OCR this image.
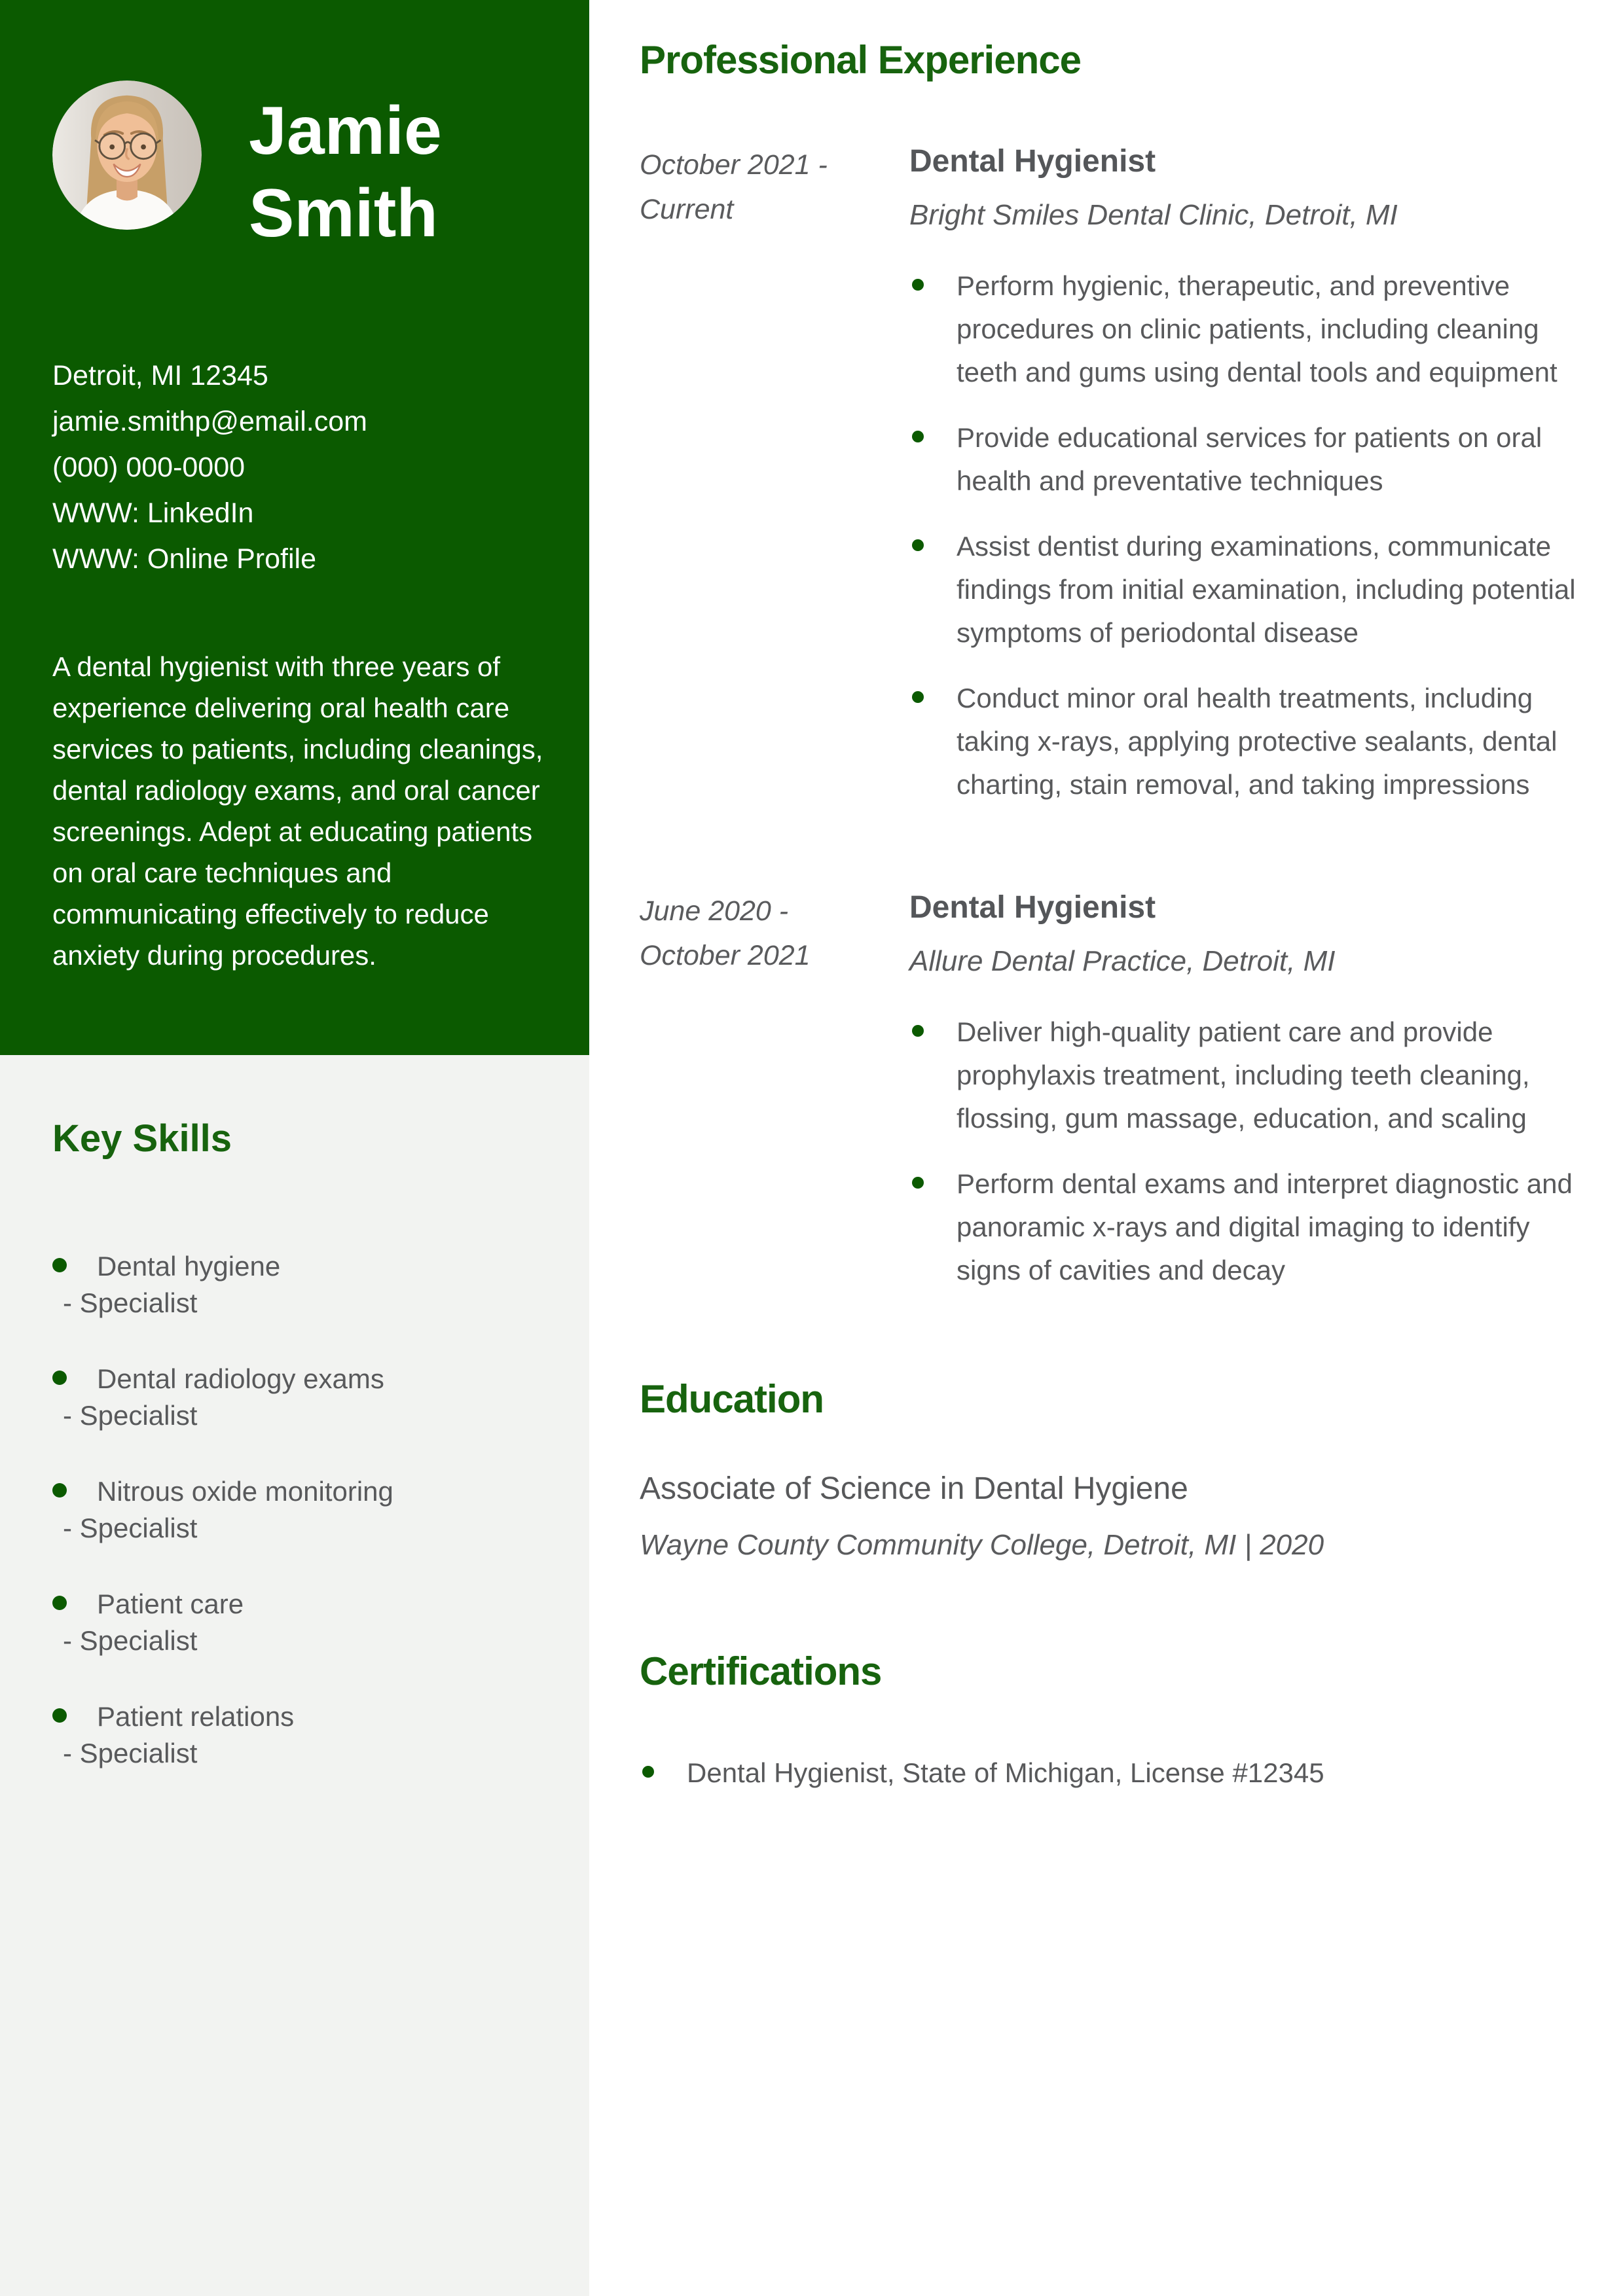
Jamie
Smith
Detroit, MI 12345
jamie.smithp@email.com
(000) 000-0000
WWW: LinkedIn
WWW: Online Profile

A dental hygienist with three years of experience delivering oral health care services to patients, including cleanings, dental radiology exams, and oral cancer screenings. Adept at educating patients on oral care techniques and communicating effectively to reduce anxiety during procedures.

Key Skills
Dental hygiene
- Specialist
Dental radiology exams
- Specialist
Nitrous oxide monitoring
- Specialist
Patient care
- Specialist
Patient relations
- Specialist
Professional Experience
October 2021 -
Current
Dental Hygienist
Bright Smiles Dental Clinic, Detroit, MI
Perform hygienic, therapeutic, and preventive procedures on clinic patients, including cleaning teeth and gums using dental tools and equipment
Provide educational services for patients on oral health and preventative techniques
Assist dentist during examinations, communicate findings from initial examination, including potential symptoms of periodontal disease
Conduct minor oral health treatments, including taking x-rays, applying protective sealants, dental charting, stain removal, and taking impressions
June 2020 -
October 2021
Dental Hygienist
Allure Dental Practice, Detroit, MI
Deliver high-quality patient care and provide prophylaxis treatment, including teeth cleaning, flossing, gum massage, education, and scaling
Perform dental exams and interpret diagnostic and panoramic x-rays and digital imaging to identify signs of cavities and decay
Education
Associate of Science in Dental Hygiene
Wayne County Community College, Detroit, MI | 2020
Certifications
Dental Hygienist, State of Michigan, License #12345
